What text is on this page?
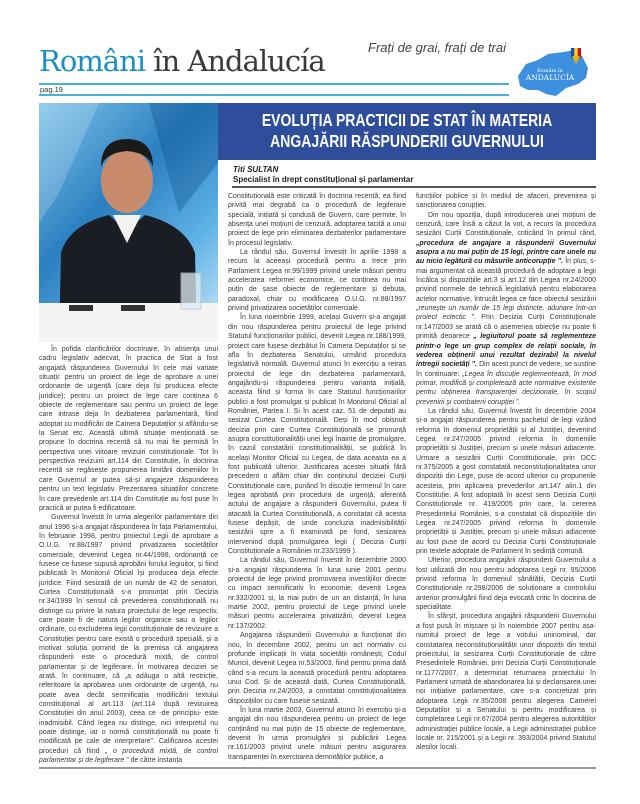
Români în Andalucía
pag.19
Frați de grai, frați de trai
Români în
ANDALUCÍA
EVOLUȚIA PRACTICII DE STAT ÎN MATERIA
ANGAJĂRII RĂSPUNDERII GUVERNULUI
Titi SULTAN
Specialist în drept constituțional și parlamentar

În pofida clarificărilor doctrinare, în absența unui cadru legislativ adecvat, în practica de Stat a fost angajată răspunderea Guvernului în cele mai variate situații: pentru un proiect de lege de aprobare a unei ordonanțe de urgență (care deja își producea efecte juridice); pentru un proiect de lege care conținea 6 obiecte de reglementare sau pentru un proiect de lege care intrase deja în dezbaterea parlamentară, fiind adoptat cu modificări de Camera Deputaților și aflându-se la Senat etc. Această ultimă situație menționată se propune în doctrina recentă să nu mai fie permisă în perspectiva unei viitoare revizuiri constituționale. Tot în perspectiva revizuirii art.114 din Constituție, în doctrina recentă se regăsește propunerea limitării domeniilor în care Guvernul ar putea să-și angajeze răspunderea pentru un text legislativ. Prezentarea situațiilor concrete în care prevederile art.114 din Constituție au fost puse în practică ar putea fi edificatoare.

Guvernul învestit în urma alegerilor parlamentare din anul 1996 și-a angajat răspunderea în fața Parlamentului, în februarie 1998, pentru proiectul Legii de aprobare a O.U.G. nr.88/1997 privind privatizarea societăților comerciale, devenind Legea nr.44/1998, ordonanță ce fusese ce fusese supusă aprobării forului legiuitor, și fiind publicată în Monitorul Oficial își producea deja efecte juridice. Fiind sesizată de un număr de 42 de senatori, Curtea Constituțională s-a pronunțat prin Decizia nr.34/1998 în sensul că prevederea constituțională nu distinge cu privire la natura proiectului de lege respectiv, care poate fi de natura legilor organice sau a legilor ordinare, cu excluderea legii constituționale de revizuire a Constituției pentru care există o procedură specială, și a motivat soluția pornind de la premisa că angajarea răspunderii este o procedură mixtă, de control parlamentar și de legiferare. În motivarea deciziei se arată, în continuare, că „a adăuga o altă restricție, referitoare la aprobarea unei ordonanțe de urgență, nu poate avea decât semnificația modificării textului constituțional al art.113 (art.114 după revizuirea Constituției din anul 2003), ceea ce -de principiu- este inadmisibil. Când legea nu distinge, nici interpretul nu poate distinge, iar o normă constituțională nu poate fi modificată pe cale de interpretare". Calificarea acestei proceduri că fiind „ o procedură mixtă, de control parlamentar și de legiferare ” de către instanța

Constituțională este criticată în doctrina recentă, ea fiind privită mai degrabă ca o procedură de legiferare specială, inițiată și condusă de Guvern, care permite, în absența unei moțiuni de cenzură, adoptarea tacită a unui proiect de lege prin eliminarea dezbaterilor parlamentare în procesul legislativ.

La rândul său, Guvernul învestit în aprilie 1998 a recurs la aceeași procedură pentru a trece prin Parlament Legea nr.99/1999 privind unele măsuri pentru accelerarea reformei economice, ce conținea nu mai puțin de șase obiecte de reglementare și debuta, paradoxal, chiar cu modificarea O.U.G. nr.88/1997 privind privatizarea societăților comerciale.

În luna noiembrie 1999, același Guvern și-a angajat din nou răspunderea pentru proiectul de lege privind Statutul funcționarilor publici, devenit Legea nr.188/1999, proiect care fusese dezbătut în Camera Deputaților și se afla în dezbaterea Senatului, urmând procedura legislativă normală. Guvernul atunci în exercițiu a retras proiectul de lege din dezbaterea parlamentară, angajându-și răspunderea pentru varianta inițială, aceasta fiind și forma în care Statutul funcționarilor publici a fost promulgat și publicat în Monitorul Oficial al României, Partea I. Și în acest caz, 51 de deputați au sesizat Curtea Constituțională. Deși în mod obișnuit decizia prin care Curtea Constituțională se pronunță asupra constituționalității unei legi înainte de promulgare, în cazul constatării constituționalității, se publică în același Monitor Oficial cu Legea, de data aceasta ea a fost publicată ulterior. Justificarea acestei situații fără precedent o aflăm chiar din conținutul deciziei Curții Constituționale care, punând în discuție termenul în care legea aprobată prin procedura de urgență, aferentă actului de angajare a răspunderii Guvernului, putea fi atacată la Curtea Constituțională, a constatat că acesta fusese depășit, de unde concluzia inadmisibilității sesizării spre a fi examinată pe fond, sesizarea intervenind după promulgarea legii ( Decizia Curții Constituționale a României nr.233/1999 ).

La rândul său, Guvernul învestit în decembrie 2000 și-a angajat răspunderea în luna iunie 2001 pentru proiectul de lege privind promovarea investițiilor directe cu impact semnificativ în economie, devenit Legea nr.332/2001 și, la mai puțin de un an distanță, în luna martie 2002, pentru proiectul de Lege privind unele măsuri pentru accelerarea privatizării, devenit Legea nr.137/2002.

Angajarea răspunderii Guvernului a funcționat din nou, în decembrie 2002, pentru un act normativ cu profunde implicații în viața societății românești, Codul Muncii, devenit Legea nr.53/2003, fiind pentru prima dată când s-a recurs la această procedură pentru adoptarea unui Cod. Și de această dată, Curtea Constituțională, prin Decizia nr.24/2003, a constatat constituționalitatea dispozițiilor cu care fusese sesizată.

În luna martie 2003, Guvernul atunci în exercițiu și-a angajat din nou răspunderea pentru un proiect de lege conținând nu mai puțin de 15 obiecte de reglementare, devenit în urma promulgării și publicării Legea nr.161/2003 privind unele măsuri pentru asigurarea transparenței în exercitarea demnităților publice, a

funcțiilor publice și în mediul de afaceri, prevenirea și sancționarea corupției.

Din nou opoziția, după introducerea unei moțiuni de cenzură, care însă a căzut la vot, a recurs la procedura sesizării Curții Constituționale, criticând în primul rând, „procedura de angajare a răspunderii Guvernului asupra a nu mai puțin de 15 legi, printre care unele nu au nicio legătură cu măsurile anticorupție ”. În plus, s-mai argumentat că această procedură de adoptare a legii încălca și dispozițiile art.3 și art.12 din Legea nr.24/2000 privind normele de tehnică legislativă pentru elaborarea actelor normative, întrucât legea ce face obiectul sesizării „reunește un număr de 15 legi distincte, adunare într-un proiect eclectic ”. Prin Decizia Curții Constituționale nr.147/2003 se arată că o asemenea obiecție nu poate fi primită deoarece „ legiuitorul poate să reglementeze printr-o lege un grup complex de relații sociale, în vederea obținerii unui rezultat dezirabil la nivelul întregii societăți ”. Din acest punct de vedere, se susține în continuare: „Legea în discuție reglementează, în mod primar, modifică și completează acte normative existente pentru obținerea transparenței decizionale, în scopul prevenirii și combaterii corupției ”.

La rândul său, Guvernul învestit în decembrie 2004 și-a angajat răspunderea pentru pachetul de legi vizând reforma în domeniul proprietății și al Justiției, devenind Legea nr.247/2005 privind reforma în domeniile proprietății și Justiției, precum și unele măsuri adiacente. Urmare a sesizării Curții Constituționale, prin DCC nr.375/2005 a gost constatată neconstituționalitatea unor dispoziții din Lege, puse de acord ulterior cu propunerile acesteia, prin aplicarea prevederilor art.147 alin.1 din Constituție. A fost adoptată în acest sens Decizia Curții Constituționale nr. 419/2005 prin care, la cererea Președintelui României, s-a constatat că dispozițiile din Legea nr.247/2005 privind reforma în domeniile proprietății și Justiției, precum și unele măsuri adiacente au fost puse de acord cu Decizia Curții Constituționale prin textele adoptate de Parlament în ședință comună.

Ulterior, procedura angajării răspunderii Guvernului a fost utilizată din nou pentru adoptarea Legii nr. 95/2006 privind reforma în domeniul sănătății, Decizia Curții Constituționale nr.298/2006 de soluționare a controlului anterior promulgării fiind deja evocată critic în doctrina de specialitate.

În sfârșit, procedura angajării răspunderii Guvernului a fost pusă în mișcare și în noiembrie 2007 pentru așa-numitul proiect de lege a votului uninominal, dar constatarea neconstituționalității unor dispoziții din textul proiectului, la sesizarea Curții Constituționale de către Președintele României, prin Decizia Curții Constituționale nr.1177/2007, a determinat returnarea proiectului în Parlament urmată de abandonarea lui și declanșarea unei noi inițiative parlamentare, care s-a concretizat prin adoptarea Legii nr.35/2008 pentru alegerea Camerei Deputaților și a Senatului și pentru modificarea și completarea Legii nr.67/2004 pentru alegerea autorităților administrației publice locale, a Legii administrației publice locale nr. 215/2001 și a Legii nr. 393/2004 privind Statutul aleșilor locali.
